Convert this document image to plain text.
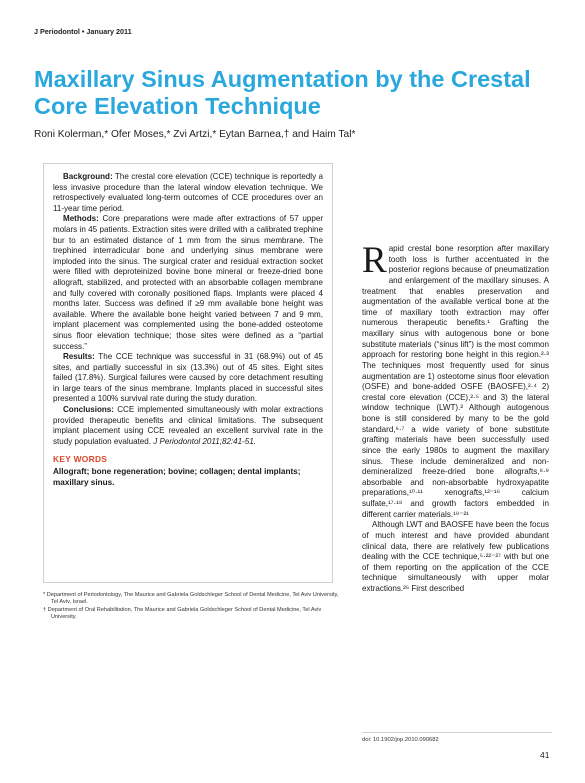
J Periodontol • January 2011
Maxillary Sinus Augmentation by the Crestal Core Elevation Technique
Roni Kolerman,* Ofer Moses,* Zvi Artzi,* Eytan Barnea,† and Haim Tal*

Background: The crestal core elevation (CCE) technique is reportedly a less invasive procedure than the lateral window elevation technique. We retrospectively evaluated long-term outcomes of CCE procedures over an 11-year time period.

Methods: Core preparations were made after extractions of 57 upper molars in 45 patients. Extraction sites were drilled with a calibrated trephine bur to an estimated distance of 1 mm from the sinus membrane. The trephined interradicular bone and underlying sinus membrane were imploded into the sinus. The surgical crater and residual extraction socket were filled with deproteinized bovine bone mineral or freeze-dried bone allograft, stabilized, and protected with an absorbable collagen membrane and fully covered with coronally positioned flaps. Implants were placed 4 months later. Success was defined if ≥9 mm available bone height was available. Where the available bone height varied between 7 and 9 mm, implant placement was complemented using the bone-added osteotome sinus floor elevation technique; those sites were defined as a “partial success.”

Results: The CCE technique was successful in 31 (68.9%) out of 45 sites, and partially successful in six (13.3%) out of 45 sites. Eight sites failed (17.8%). Surgical failures were caused by core detachment resulting in large tears of the sinus membrane. Implants placed in successful sites presented a 100% survival rate during the study duration.

Conclusions: CCE implemented simultaneously with molar extractions provided therapeutic benefits and clinical limitations. The subsequent implant placement using CCE revealed an excellent survival rate in the study population evaluated. J Periodontol 2011;82:41-51.

KEY WORDS
Allograft; bone regeneration; bovine; collagen; dental implants; maxillary sinus.
* Department of Periodontology, The Maurice and Gabriela Goldschleger School of Dental Medicine, Tel Aviv University, Tel Aviv, Israel.
† Department of Oral Rehabilitation, The Maurice and Gabriela Goldschleger School of Dental Medicine, Tel Aviv University.

Rapid crestal bone resorption after maxillary tooth loss is further accentuated in the posterior regions because of pneumatization and enlargement of the maxillary sinuses. A treatment that enables preservation and augmentation of the available vertical bone at the time of maxillary tooth extraction may offer numerous therapeutic benefits.¹ Grafting the maxillary sinus with autogenous bone or bone substitute materials (“sinus lift”) is the most common approach for restoring bone height in this region.²·³ The techniques most frequently used for sinus augmentation are 1) osteotome sinus floor elevation (OSFE) and bone-added OSFE (BAOSFE),²·⁴ 2) crestal core elevation (CCE),²·⁵ and 3) the lateral window technique (LWT).² Although autogenous bone is still considered by many to be the gold standard,⁶·⁷ a wide variety of bone substitute grafting materials have been successfully used since the early 1980s to augment the maxillary sinus. These include demineralized and non-demineralized freeze-dried bone allografts,⁸·⁹ absorbable and non-absorbable hydroxyapatite preparations,¹⁰·¹¹ xenografts,¹²⁻¹⁶ calcium sulfate,¹⁷·¹⁸ and growth factors embedded in different carrier materials.¹⁹⁻²¹

Although LWT and BAOSFE have been the focus of much interest and have provided abundant clinical data, there are relatively few publications dealing with the CCE technique,⁵·²²⁻²⁷ with but one of them reporting on the application of the CCE technique simultaneously with upper molar extractions.²⁶ First described

doi: 10.1902/jop.2010.090682
41
